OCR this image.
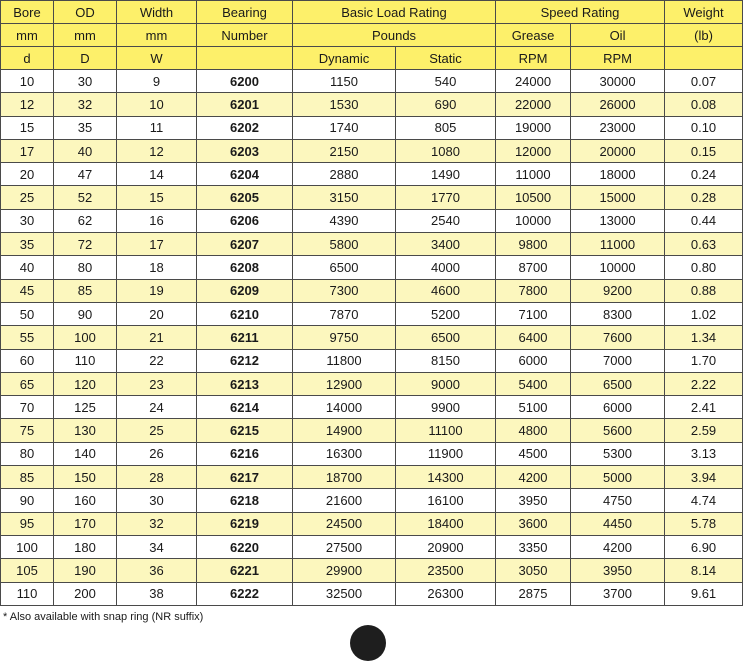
Bore	OD	Width	Bearing	Basic Load Rating		Speed Rating		Weight
mm	mm	mm	Number	Pounds		Grease	Oil	(lb)
d	D	W		Dynamic	Static	RPM	RPM	
10	30	9	6200	1150	540	24000	30000	0.07
12	32	10	6201	1530	690	22000	26000	0.08
15	35	11	6202	1740	805	19000	23000	0.10
17	40	12	6203	2150	1080	12000	20000	0.15
20	47	14	6204	2880	1490	11000	18000	0.24
25	52	15	6205	3150	1770	10500	15000	0.28
30	62	16	6206	4390	2540	10000	13000	0.44
35	72	17	6207	5800	3400	9800	11000	0.63
40	80	18	6208	6500	4000	8700	10000	0.80
45	85	19	6209	7300	4600	7800	9200	0.88
50	90	20	6210	7870	5200	7100	8300	1.02
55	100	21	6211	9750	6500	6400	7600	1.34
60	110	22	6212	11800	8150	6000	7000	1.70
65	120	23	6213	12900	9000	5400	6500	2.22
70	125	24	6214	14000	9900	5100	6000	2.41
75	130	25	6215	14900	11100	4800	5600	2.59
80	140	26	6216	16300	11900	4500	5300	3.13
85	150	28	6217	18700	14300	4200	5000	3.94
90	160	30	6218	21600	16100	3950	4750	4.74
95	170	32	6219	24500	18400	3600	4450	5.78
100	180	34	6220	27500	20900	3350	4200	6.90
105	190	36	6221	29900	23500	3050	3950	8.14
110	200	38	6222	32500	26300	2875	3700	9.61
* Also available with snap ring (NR suffix)
